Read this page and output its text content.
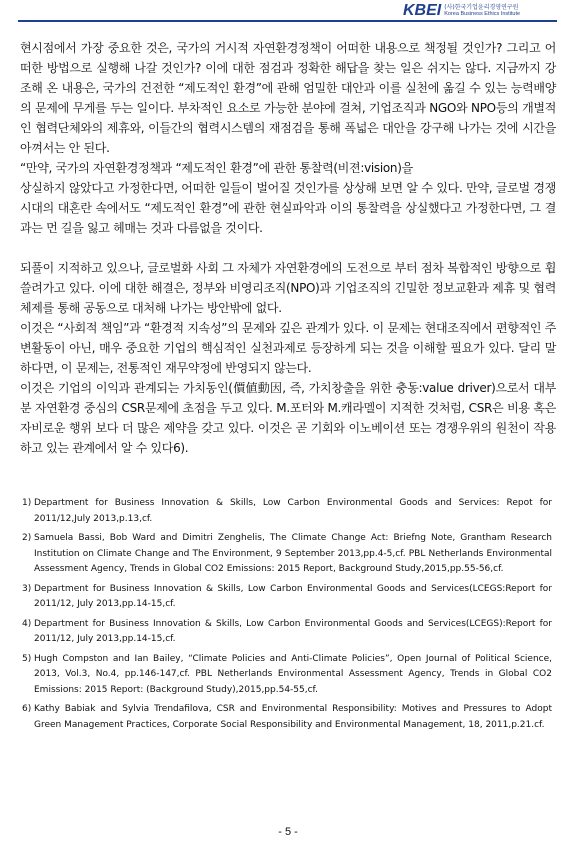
KBEI (사)한국기업윤리경영연구원
Korea Business Ethics Institute

현시점에서 가장 중요한 것은, 국가의 거시적 자연환경정책이 어떠한 내용으로 책정될 것인가? 그리고 어떠한 방법으로 실행해 나갈 것인가? 이에 대한 점검과 정확한 해답을 찾는 일은 쉬지는 않다. 지금까지 강조해 온 내용은, 국가의 건전한 “제도적인 환경”에 관해 엄밀한 대안과 이를 실천에 옮길 수 있는 능력배양의 문제에 무게를 두는 일이다. 부차적인 요소로 가능한 분야에 걸쳐, 기업조직과 NGO와 NPO등의 개별적인 협력단체와의 제휴와, 이들간의 협력시스템의 재점검을 통해 폭넓은 대안을 강구해 나가는 것에 시간을 아껴서는 안 된다.

“만약, 국가의 자연환경정책과 “제도적인 환경”에 관한 통찰력(비젼:vision)을

상실하지 않았다고 가정한다면, 어떠한 일들이 벌어질 것인가를 상상해 보면 알 수 있다. 만약, 글로벌 경쟁시대의 대혼란 속에서도 “제도적인 환경”에 관한 현실파악과 이의 통찰력을 상실했다고 가정한다면, 그 결과는 먼 길을 잃고 헤매는 것과 다름없을 것이다.

되풀이 지적하고 있으나, 글로벌화 사회 그 자체가 자연환경에의 도전으로 부터 점차 복합적인 방향으로 휩쓸려가고 있다. 이에 대한 해결은, 정부와 비영리조직(NPO)과 기업조직의 긴밀한 정보교환과 제휴 및 협력체제를 통해 공동으로 대처해 나가는 방안밖에 없다.

이것은 “사회적 책임”과 “환경적 지속성”의 문제와 깊은 관계가 있다. 이 문제는 현대조직에서 편향적인 주변활동이 아닌, 매우 중요한 기업의 핵심적인 실천과제로 등장하게 되는 것을 이해할 필요가 있다. 달리 말하다면, 이 문제는, 전통적인 재무약정에 반영되지 않는다.

이것은 기업의 이익과 관계되는 가치동인(價値動因, 즉, 가치창출을 위한 충동:value driver)으로서 대부분 자연환경 중심의 CSR문제에 초점을 두고 있다. M.포터와 M.캐라멜이 지적한 것처럼, CSR은 비용 혹은 자비로운 행위 보다 더 많은 제약을 갖고 있다. 이것은 곧 기회와 이노베이션 또는 경쟁우위의 원천이 작용하고 있는 관계에서 알 수 있다6).

1) Department for Business Innovation & Skills, Low Carbon Environmental Goods and Services: Repot for 2011/12,July 2013,p.13,cf.
2) Samuela Bassi, Bob Ward and Dimitri Zenghelis, The Climate Change Act: Briefng Note, Grantham Research Institution on Climate Change and The Environment, 9 September 2013,pp.4-5,cf. PBL Netherlands Environmental Assessment Agency, Trends in Global CO2 Emissions: 2015 Report, Background Study,2015,pp.55-56,cf.
3) Department for Business Innovation & Skills, Low Carbon Environmental Goods and Services(LCEGS:Report for 2011/12, July 2013,pp.14-15,cf.
4) Department for Business Innovation & Skills, Low Carbon Environmental Goods and Services(LCEGS):Report for 2011/12, July 2013,pp.14-15,cf.
5) Hugh Compston and Ian Bailey, “Climate Policies and Anti-Climate Policies”, Open Journal of Political Science, 2013, Vol.3, No.4, pp.146-147,cf. PBL Netherlands Environmental Assessment Agency, Trends in Global CO2 Emissions: 2015 Report: (Background Study),2015,pp.54-55,cf.
6) Kathy Babiak and Sylvia Trendafilova, CSR and Environmental Responsibility: Motives and Pressures to Adopt Green Management Practices, Corporate Social Responsibility and Environmental Management, 18, 2011,p.21.cf.
- 5 -
